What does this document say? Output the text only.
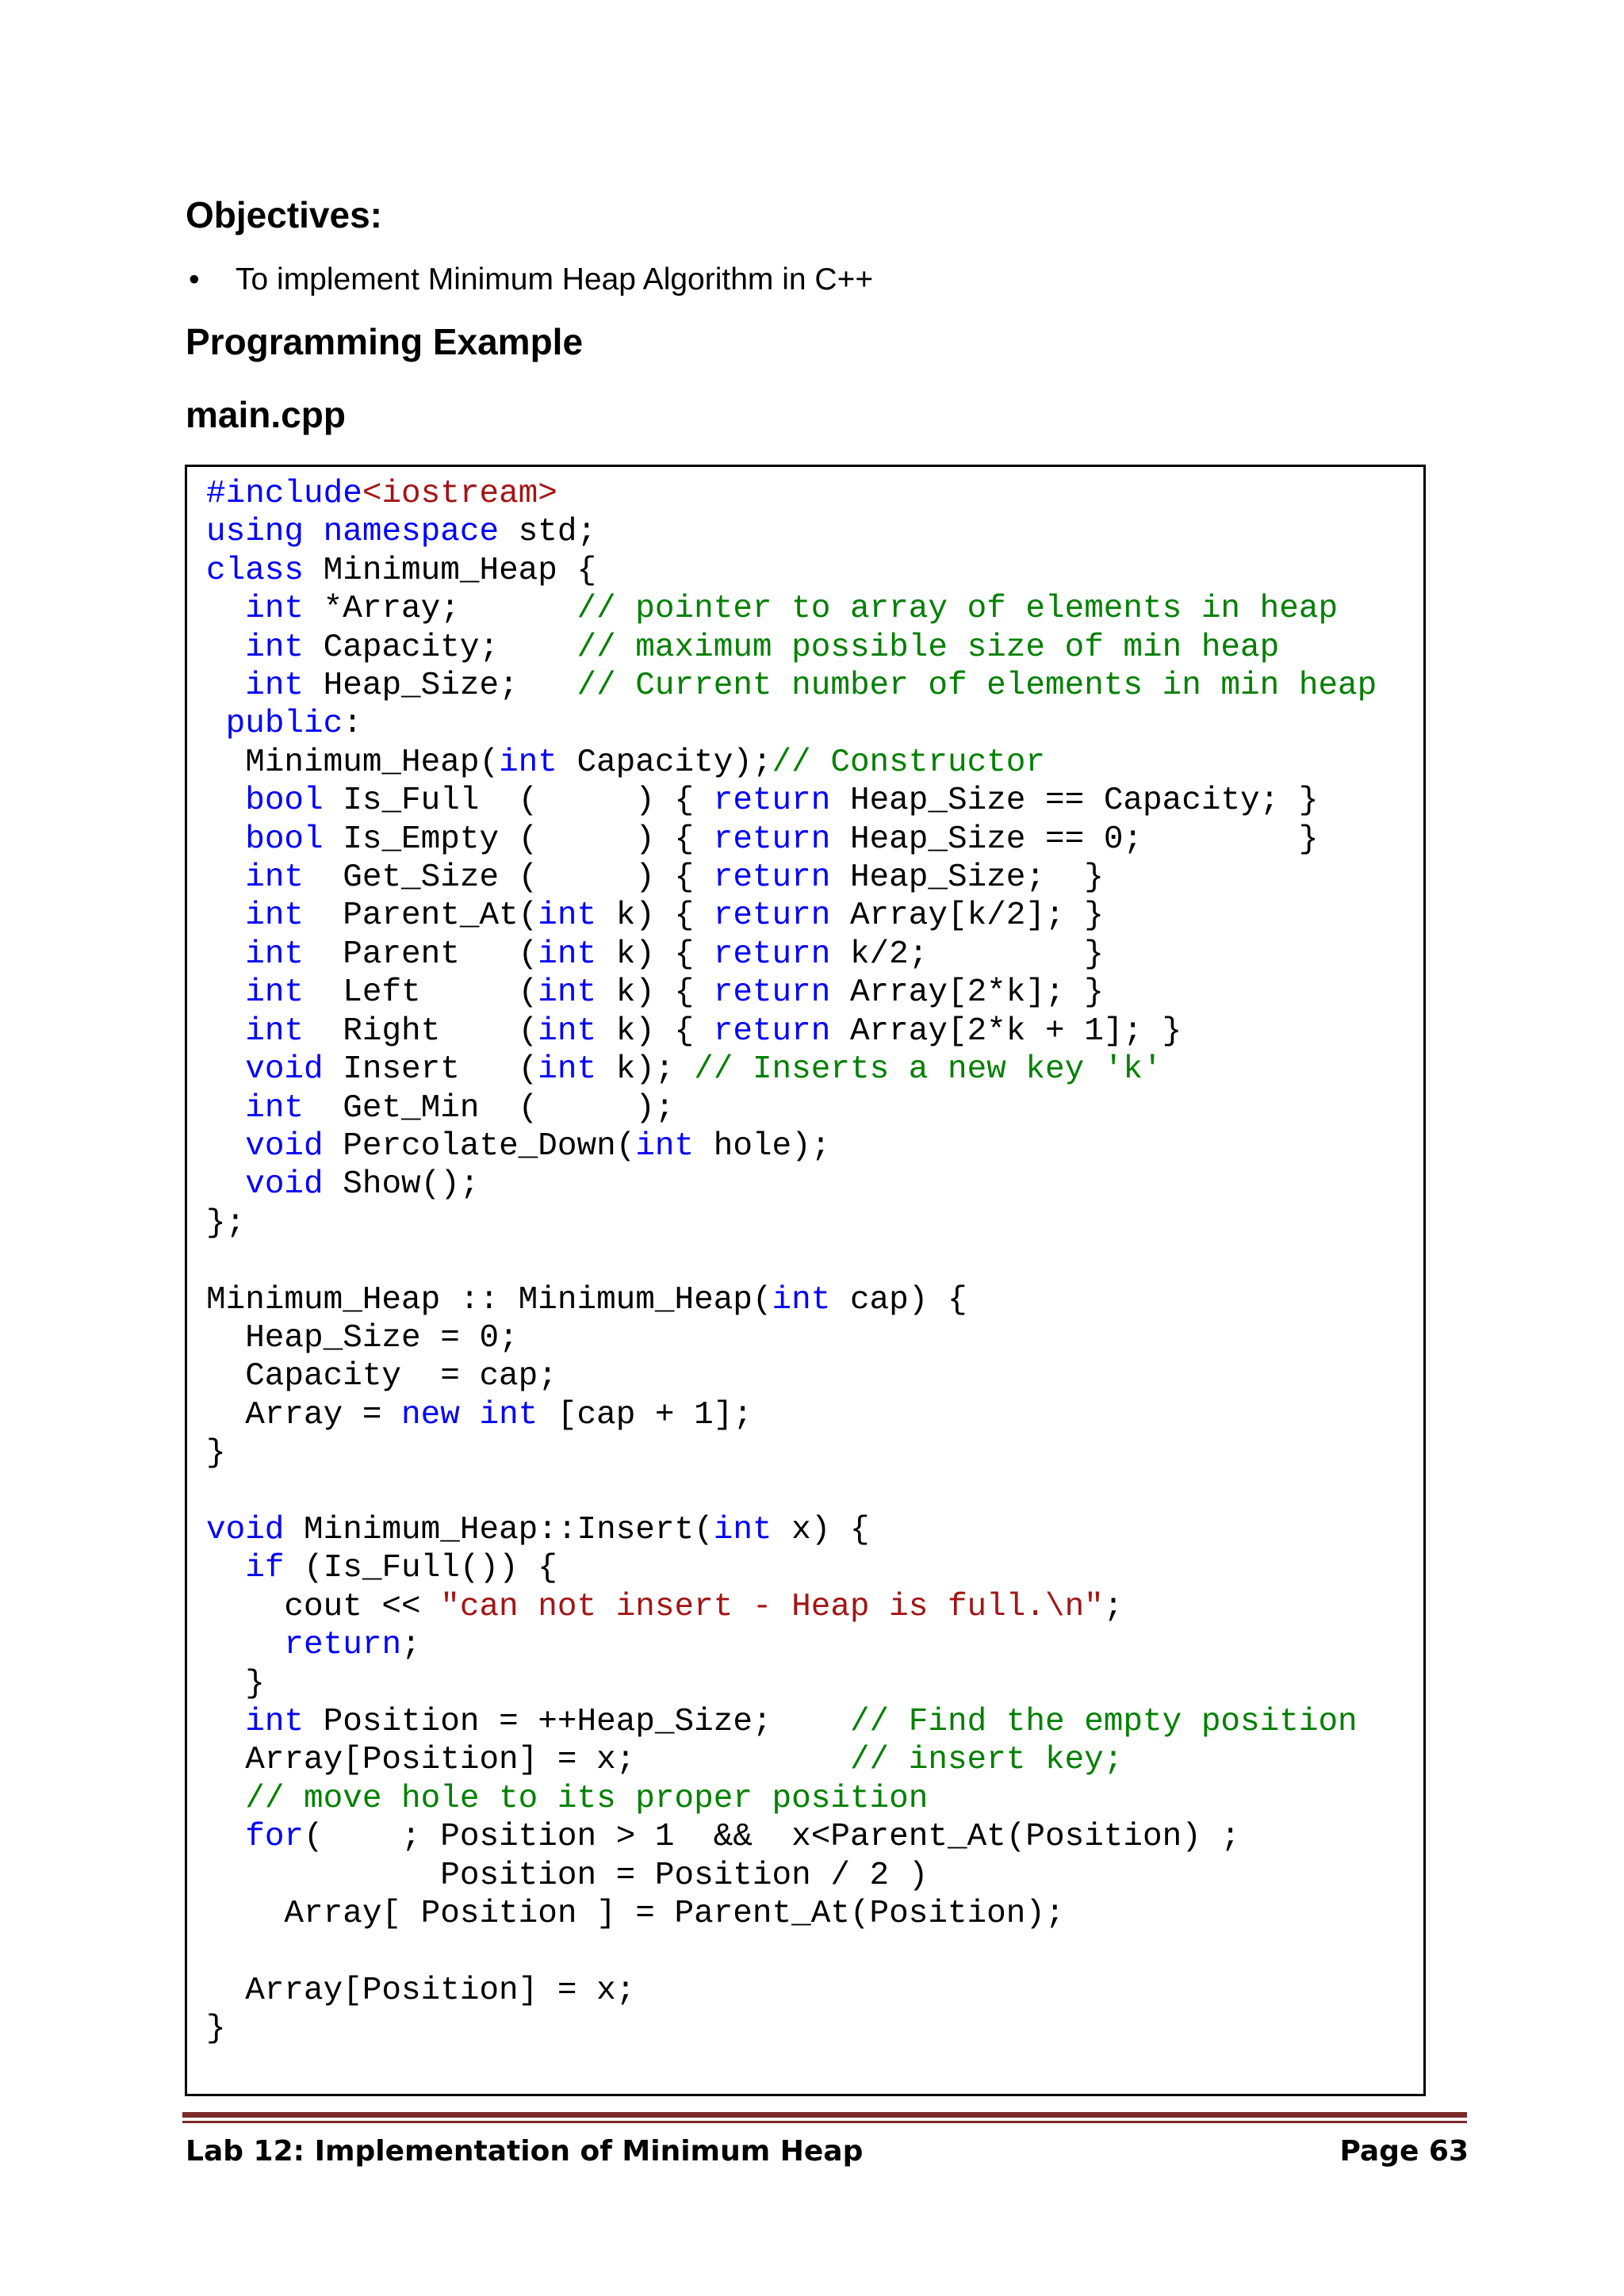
Objectives:
• To implement Minimum Heap Algorithm in C++
Programming Example
main.cpp
#include<iostream>
using namespace std;
class Minimum_Heap {
int *Array;      // pointer to array of elements in heap
int Capacity;    // maximum possible size of min heap
int Heap_Size;   // Current number of elements in min heap
public:
Minimum_Heap(int Capacity);// Constructor
bool Is_Full  (     ) { return Heap_Size == Capacity; }
bool Is_Empty (     ) { return Heap_Size == 0;        }
int  Get_Size (     ) { return Heap_Size;  }
int  Parent_At(int k) { return Array[k/2]; }
int  Parent   (int k) { return k/2;        }
int  Left     (int k) { return Array[2*k]; }
int  Right    (int k) { return Array[2*k + 1]; }
void Insert   (int k); // Inserts a new key 'k'
int  Get_Min  (     );
void Percolate_Down(int hole);
void Show();
};

Minimum_Heap :: Minimum_Heap(int cap) {
Heap_Size = 0;
Capacity  = cap;
Array = new int [cap + 1];
}

void Minimum_Heap::Insert(int x) {
if (Is_Full()) {
cout << "can not insert - Heap is full.\n";
return;
}
int Position = ++Heap_Size;    // Find the empty position
Array[Position] = x;           // insert key;
// move hole to its proper position
for(    ; Position > 1  &&  x<Parent_At(Position) ;
Position = Position / 2 )
Array[ Position ] = Parent_At(Position);

Array[Position] = x;
}
Lab 12: Implementation of Minimum Heap	Page 63
